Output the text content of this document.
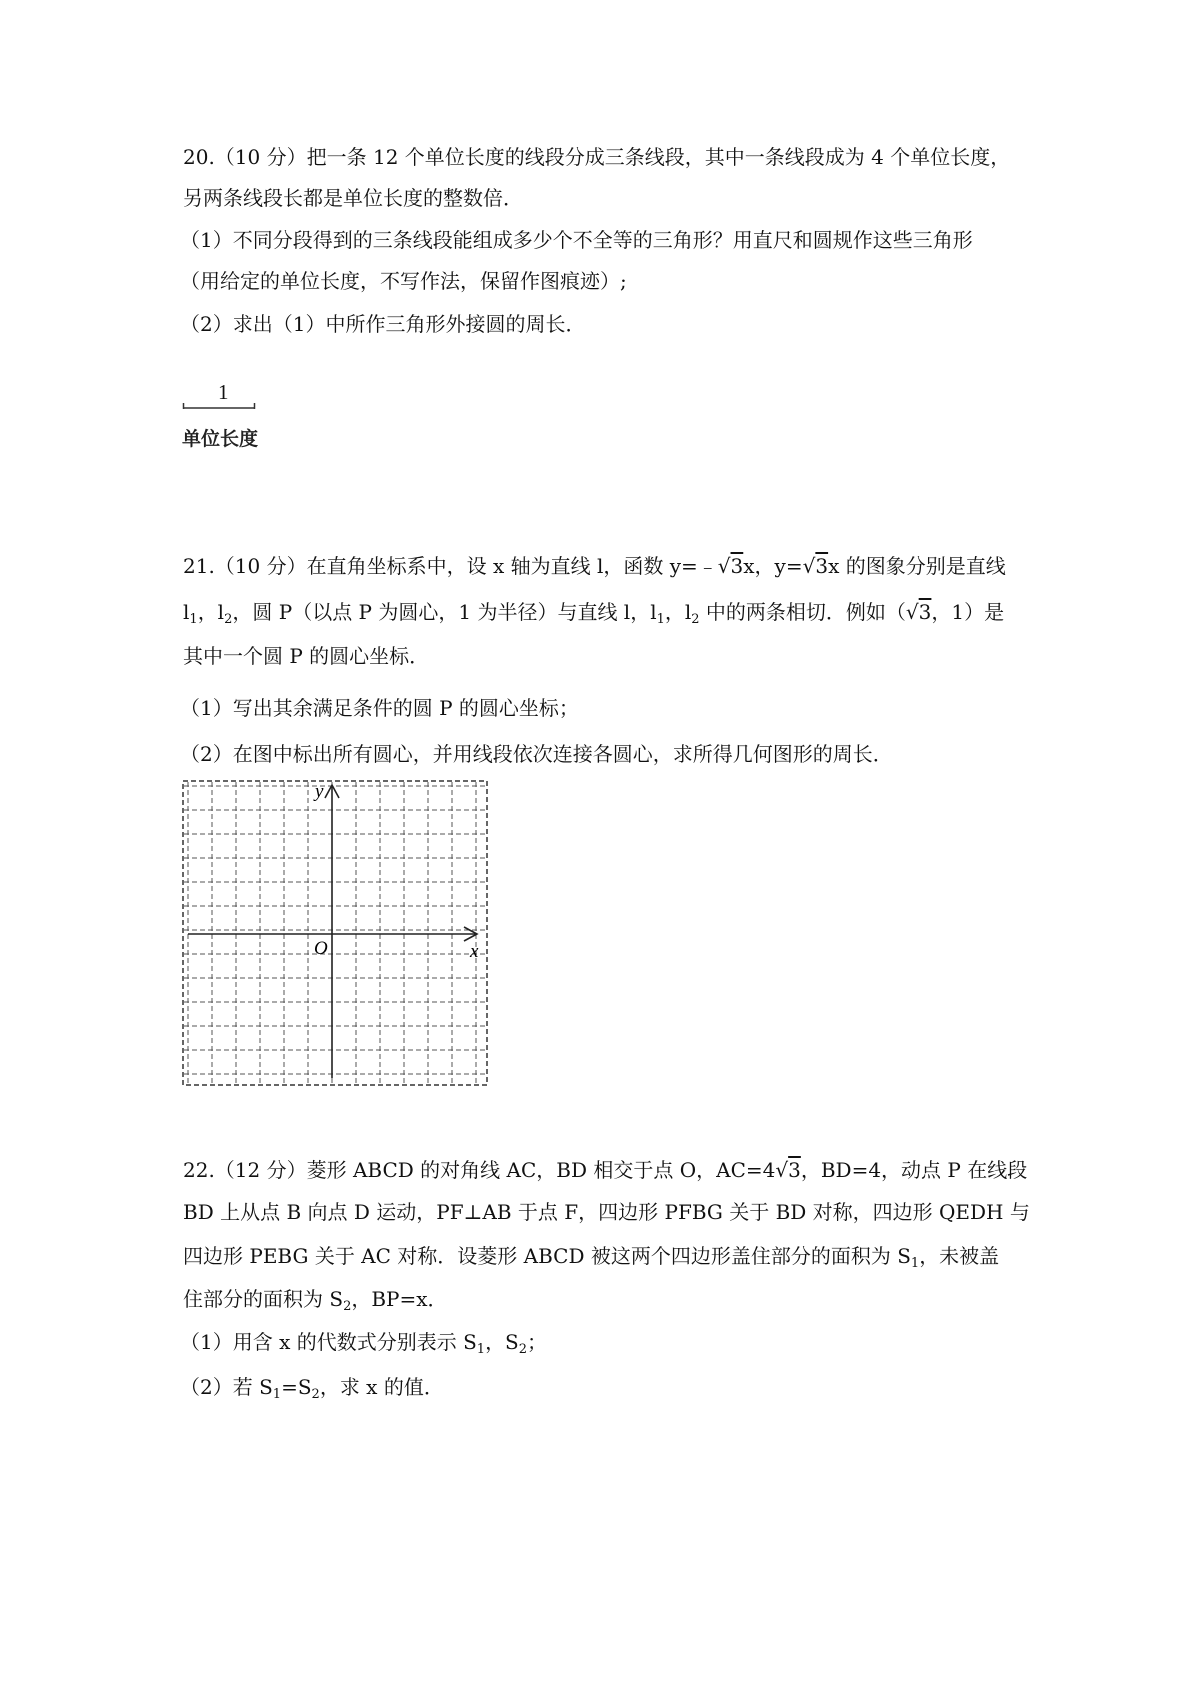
20.（10 分）把一条 12 个单位长度的线段分成三条线段，其中一条线段成为 4 个单位长度，
另两条线段长都是单位长度的整数倍．
（1）不同分段得到的三条线段能组成多少个不全等的三角形？用直尺和圆规作这些三角形
（用给定的单位长度，不写作法，保留作图痕迹）;
（2）求出（1）中所作三角形外接圆的周长．
1
单位长度
21.（10 分）在直角坐标系中，设 x 轴为直线 l，函数 y=﹣√3x，y=√3x 的图象分别是直线
$l_1$，$l_2$，圆 P（以点 P 为圆心，1 为半径）与直线 l，$l_1$，$l_2$ 中的两条相切．例如（√3，1）是
其中一个圆 P 的圆心坐标．
（1）写出其余满足条件的圆 P 的圆心坐标；
（2）在图中标出所有圆心，并用线段依次连接各圆心，求所得几何图形的周长．
y
x
O
22.（12 分）菱形 ABCD 的对角线 AC，BD 相交于点 O，AC=4√3，BD=4，动点 P 在线段
BD 上从点 B 向点 D 运动，PF⊥AB 于点 F，四边形 PFBG 关于 BD 对称，四边形 QEDH 与
四边形 PEBG 关于 AC 对称．设菱形 ABCD 被这两个四边形盖住部分的面积为 $S_1$，未被盖
住部分的面积为 $S_2$，BP=x．
（1）用含 x 的代数式分别表示 $S_1$，$S_2$；
（2）若 $S_1=S_2$，求 x 的值．
